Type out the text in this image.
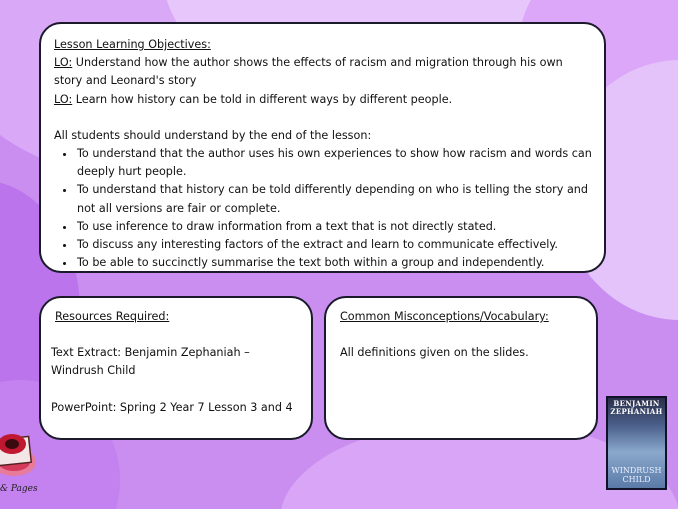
Lesson Learning Objectives:
LO: Understand how the author shows the effects of racism and migration through his own story and Leonard's story
LO: Learn how history can be told in different ways by different people.
All students should understand by the end of the lesson:
• To understand that the author uses his own experiences to show how racism and words can deeply hurt people.
• To understand that history can be told differently depending on who is telling the story and not all versions are fair or complete.
• To use inference to draw information from a text that is not directly stated.
• To discuss any interesting factors of the extract and learn to communicate effectively.
• To be able to succinctly summarise the text both within a group and independently.
Resources Required:
Text Extract: Benjamin Zephaniah – Windrush Child
PowerPoint: Spring 2 Year 7 Lesson 3 and 4
Common Misconceptions/Vocabulary:
All definitions given on the slides.
BENJAMIN
ZEPHANIAH
WINDRUSH
CHILD
& Pages
